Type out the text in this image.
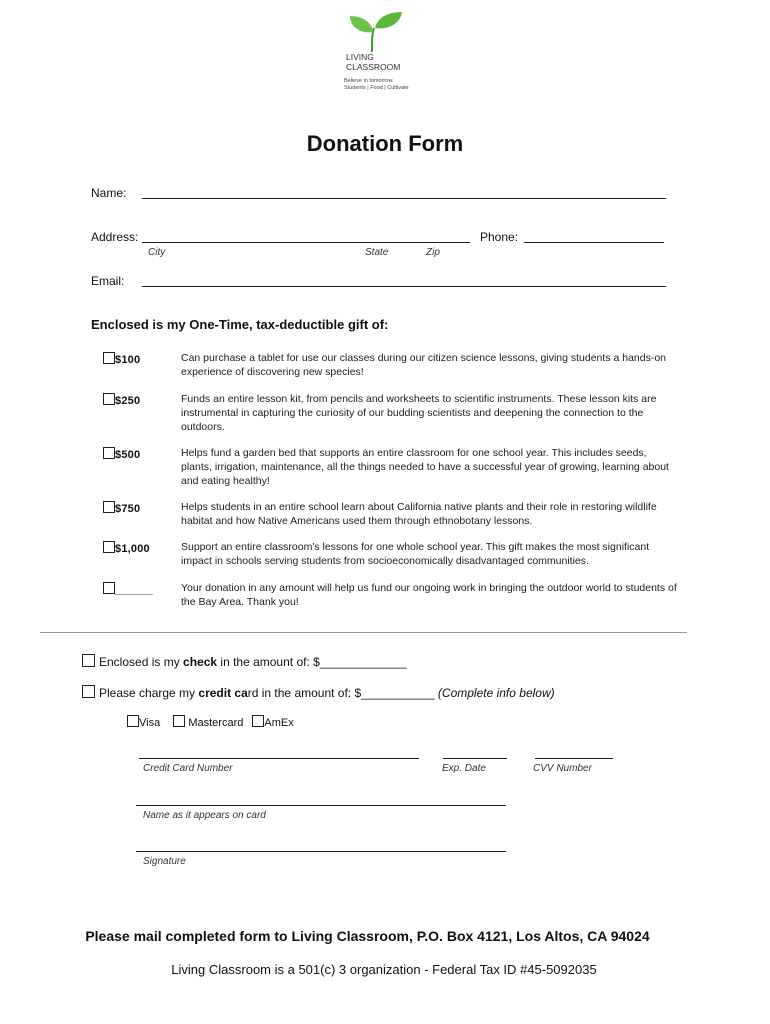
LIVING
CLASSROOM
Believe in tomorrow.
Students | Food | Cultivate
Donation Form
Name:
Address:	Phone:
City	State	Zip
Email:
Enclosed is my One-Time, tax-deductible gift of:
$100	Can purchase a tablet for use our classes during our citizen science lessons, giving students a hands-on experience of discovering new species!
$250	Funds an entire lesson kit, from pencils and worksheets to scientific instruments. These lesson kits are instrumental in capturing the curiosity of our budding scientists and deepening the connection to the outdoors.
$500	Helps fund a garden bed that supports an entire classroom for one school year. This includes seeds, plants, irrigation, maintenance, all the things needed to have a successful year of growing, learning about and eating healthy!
$750	Helps students in an entire school learn about California native plants and their role in restoring wildlife habitat and how Native Americans used them through ethnobotany lessons.
$1,000	Support an entire classroom's lessons for one whole school year. This gift makes the most significant impact in schools serving students from socioeconomically disadvantaged communities.
______	Your donation in any amount will help us fund our ongoing work in bringing the outdoor world to students of the Bay Area. Thank you!
Enclosed is my check in the amount of: $_____________
Please charge my credit card in the amount of: $___________ (Complete info below)
Visa	Mastercard AmEx
Credit Card Number	Exp. Date	CVV Number
Name as it appears on card
Signature
Please mail completed form to Living Classroom, P.O. Box 4121, Los Altos, CA 94024
Living Classroom is a 501(c) 3 organization - Federal Tax ID #45-5092035
